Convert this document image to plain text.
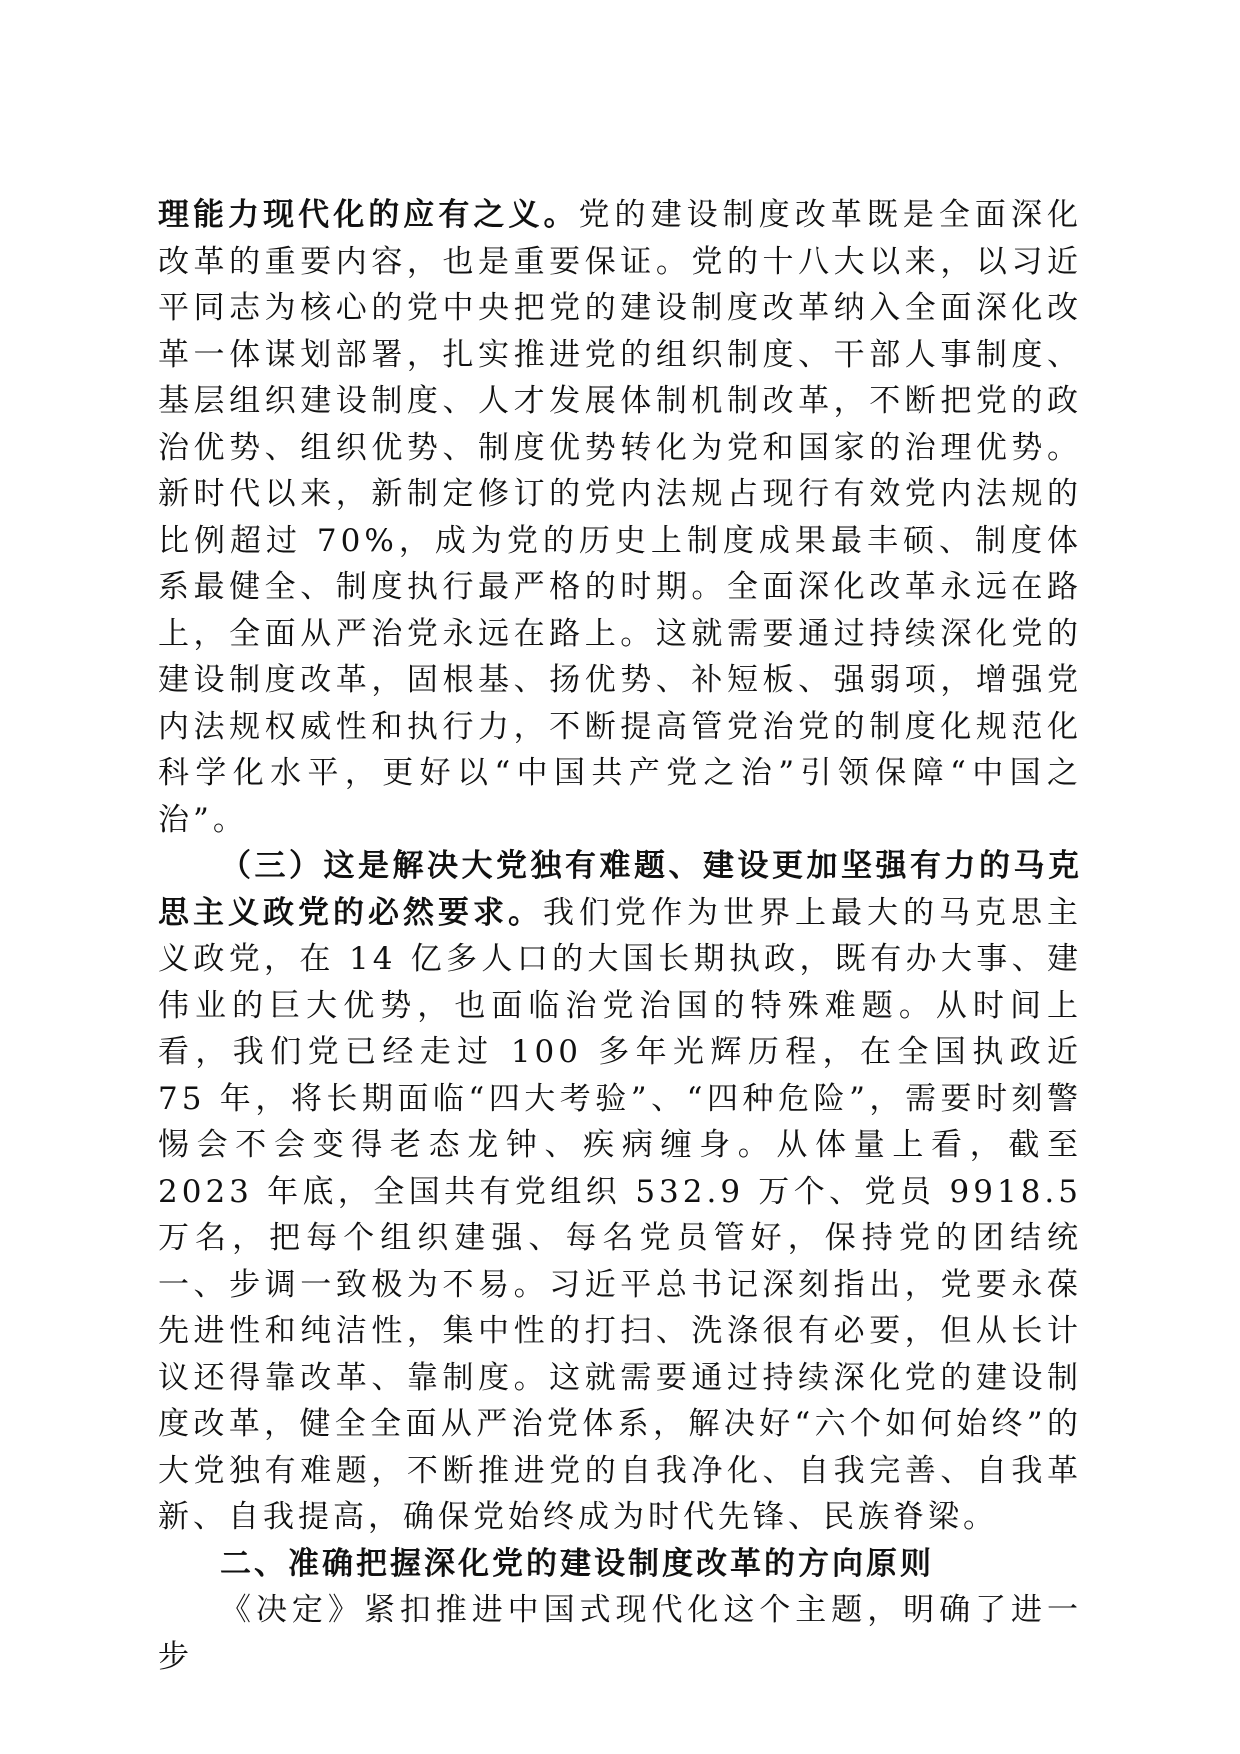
理能力现代化的应有之义。党的建设制度改革既是全面深化改革的重要内容，也是重要保证。党的十八大以来，以习近平同志为核心的党中央把党的建设制度改革纳入全面深化改革一体谋划部署，扎实推进党的组织制度、干部人事制度、基层组织建设制度、人才发展体制机制改革，不断把党的政治优势、组织优势、制度优势转化为党和国家的治理优势。新时代以来，新制定修订的党内法规占现行有效党内法规的比例超过 70%，成为党的历史上制度成果最丰硕、制度体系最健全、制度执行最严格的时期。全面深化改革永远在路上，全面从严治党永远在路上。这就需要通过持续深化党的建设制度改革，固根基、扬优势、补短板、强弱项，增强党内法规权威性和执行力，不断提高管党治党的制度化规范化科学化水平，更好以“中国共产党之治”引领保障“中国之治”。

（三）这是解决大党独有难题、建设更加坚强有力的马克思主义政党的必然要求。我们党作为世界上最大的马克思主义政党，在 14 亿多人口的大国长期执政，既有办大事、建伟业的巨大优势，也面临治党治国的特殊难题。从时间上看，我们党已经走过 100 多年光辉历程，在全国执政近 75 年，将长期面临“四大考验”、“四种危险”，需要时刻警惕会不会变得老态龙钟、疾病缠身。从体量上看，截至 2023 年底，全国共有党组织 532.9 万个、党员 9918.5 万名，把每个组织建强、每名党员管好，保持党的团结统一、步调一致极为不易。习近平总书记深刻指出，党要永葆先进性和纯洁性，集中性的打扫、洗涤很有必要，但从长计议还得靠改革、靠制度。这就需要通过持续深化党的建设制度改革，健全全面从严治党体系，解决好“六个如何始终”的大党独有难题，不断推进党的自我净化、自我完善、自我革新、自我提高，确保党始终成为时代先锋、民族脊梁。

二、准确把握深化党的建设制度改革的方向原则

《决定》紧扣推进中国式现代化这个主题，明确了进一步
